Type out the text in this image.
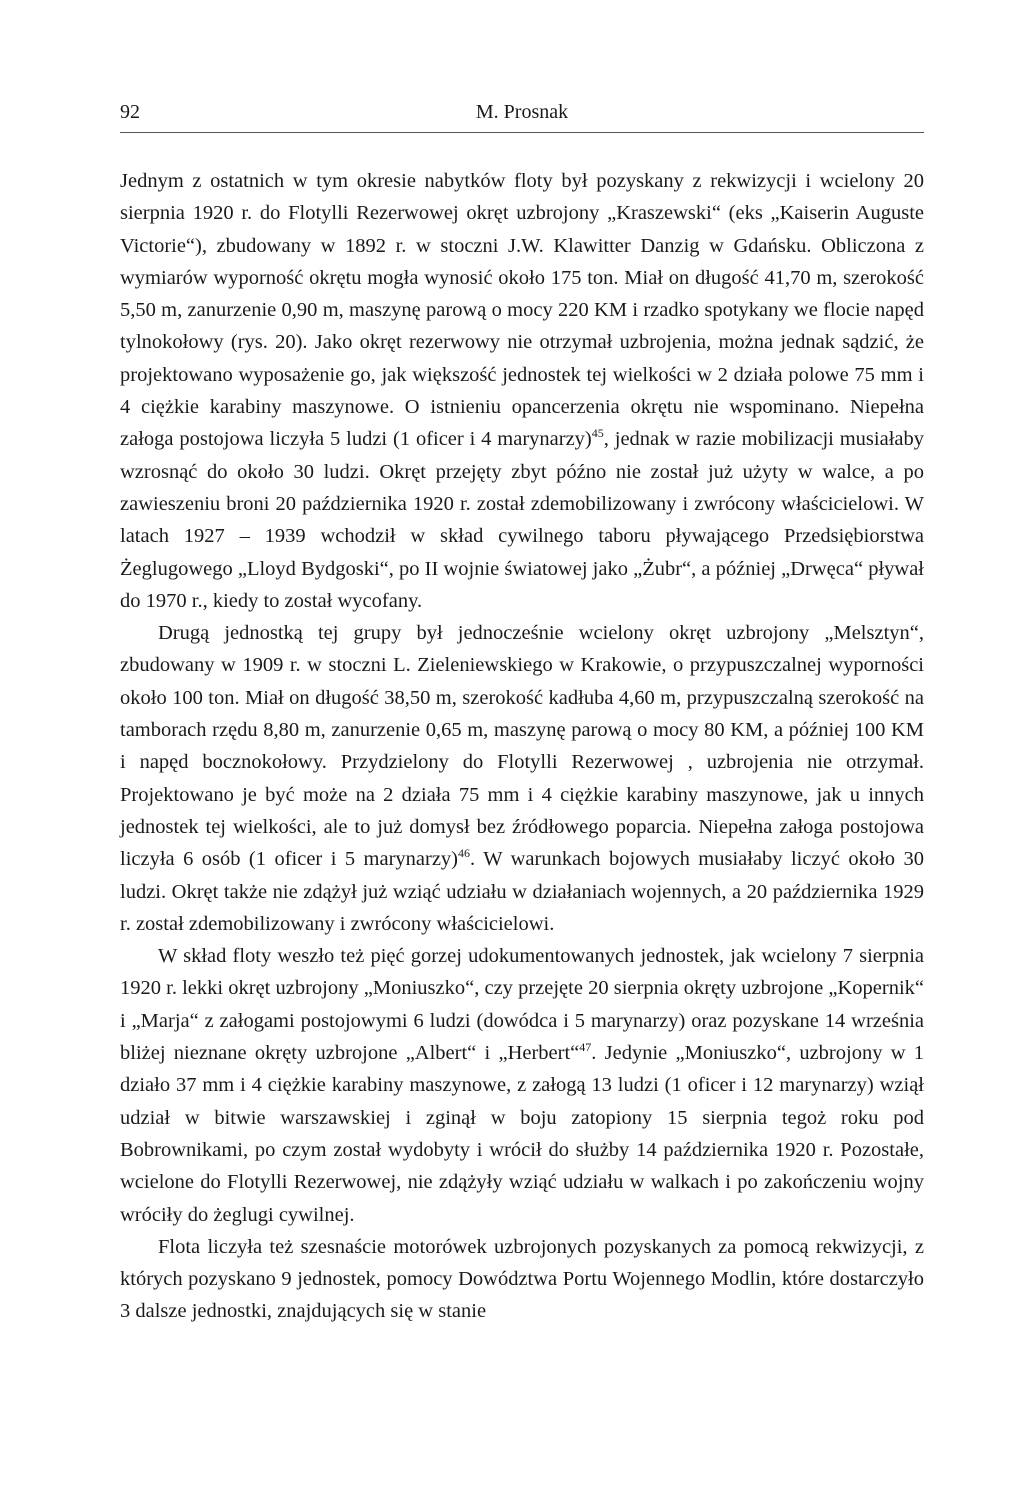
92	M. Prosnak

Jednym z ostatnich w tym okresie nabytków floty był pozyskany z rekwizycji i wcielony 20 sierpnia 1920 r. do Flotylli Rezerwowej okręt uzbrojony „Kraszewski“ (eks „Kaiserin Auguste Victorie“), zbudowany w 1892 r. w stoczni J.W. Klawitter Danzig w Gdańsku. Obliczona z wymiarów wyporność okrętu mogła wynosić około 175 ton. Miał on długość 41,70 m, szerokość 5,50 m, zanurzenie 0,90 m, maszynę parową o mocy 220 KM i rzadko spotykany we flocie napęd tylnokołowy (rys. 20). Jako okręt rezerwowy nie otrzymał uzbrojenia, można jednak sądzić, że projektowano wyposażenie go, jak większość jednostek tej wielkości w 2 działa polowe 75 mm i 4 ciężkie karabiny maszynowe. O istnieniu opancerzenia okrętu nie wspominano. Niepełna załoga postojowa liczyła 5 ludzi (1 oficer i 4 marynarzy)$^{45}$, jednak w razie mobilizacji musiałaby wzrosnąć do około 30 ludzi. Okręt przejęty zbyt późno nie został już użyty w walce, a po zawieszeniu broni 20 października 1920 r. został zdemobilizowany i zwrócony właścicielowi. W latach 1927 – 1939 wchodził w skład cywilnego taboru pływającego Przedsiębiorstwa Żeglugowego „Lloyd Bydgoski“, po II wojnie światowej jako „Żubr“, a później „Drwęca“ pływał do 1970 r., kiedy to został wycofany.

Drugą jednostką tej grupy był jednocześnie wcielony okręt uzbrojony „Melsztyn“, zbudowany w 1909 r. w stoczni L. Zieleniewskiego w Krakowie, o przypuszczalnej wyporności około 100 ton. Miał on długość 38,50 m, szerokość kadłuba 4,60 m, przypuszczalną szerokość na tamborach rzędu 8,80 m, zanurzenie 0,65 m, maszynę parową o mocy 80 KM, a później 100 KM i napęd bocznokołowy. Przydzielony do Flotylli Rezerwowej , uzbrojenia nie otrzymał. Projektowano je być może na 2 działa 75 mm i 4 ciężkie karabiny maszynowe, jak u innych jednostek tej wielkości, ale to już domysł bez źródłowego poparcia. Niepełna załoga postojowa liczyła 6 osób (1 oficer i 5 marynarzy)$^{46}$. W warunkach bojowych musiałaby liczyć około 30 ludzi. Okręt także nie zdążył już wziąć udziału w działaniach wojennych, a 20 października 1929 r. został zdemobilizowany i zwrócony właścicielowi.

W skład floty weszło też pięć gorzej udokumentowanych jednostek, jak wcielony 7 sierpnia 1920 r. lekki okręt uzbrojony „Moniuszko“, czy przejęte 20 sierpnia okręty uzbrojone „Kopernik“ i „Marja“ z załogami postojowymi 6 ludzi (dowódca i 5 marynarzy) oraz pozyskane 14 września bliżej nieznane okręty uzbrojone „Albert“ i „Herbert“$^{47}$. Jedynie „Moniuszko“, uzbrojony w 1 działo 37 mm i 4 ciężkie karabiny maszynowe, z załogą 13 ludzi (1 oficer i 12 marynarzy) wziął udział w bitwie warszawskiej i zginął w boju zatopiony 15 sierpnia tegoż roku pod Bobrownikami, po czym został wydobyty i wrócił do służby 14 października 1920 r. Pozostałe, wcielone do Flotylli Rezerwowej, nie zdążyły wziąć udziału w walkach i po zakończeniu wojny wróciły do żeglugi cywilnej.

Flota liczyła też szesnaście motorówek uzbrojonych pozyskanych za pomocą rekwizycji, z których pozyskano 9 jednostek, pomocy Dowództwa Portu Wojennego Modlin, które dostarczyło 3 dalsze jednostki, znajdujących się w stanie
